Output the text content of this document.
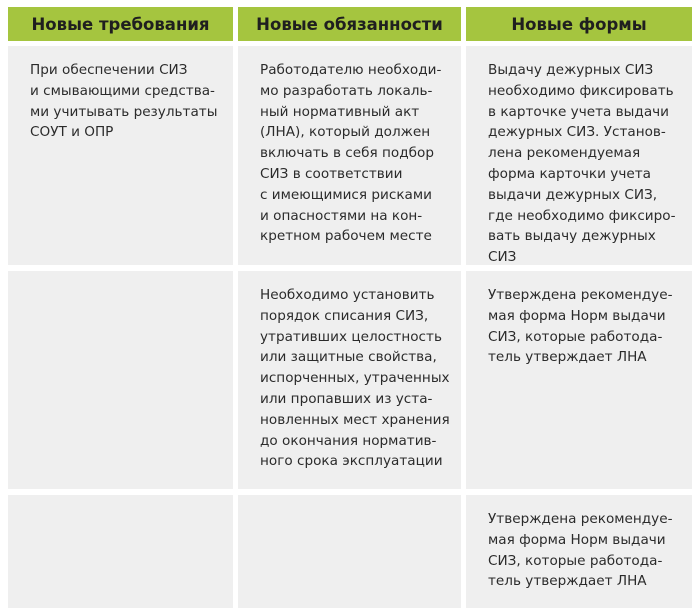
Новые требования	Новые обязанности	Новые формы
При обеспечении СИЗ
и смывающими средства-
ми учитывать результаты
СОУТ и ОПР
Работодателю необходи-
мо разработать локаль-
ный нормативный акт
(ЛНА), который должен
включать в себя подбор
СИЗ в соответствии
с имеющимися рисками
и опасностями на кон-
кретном рабочем месте
Выдачу дежурных СИЗ
необходимо фиксировать
в карточке учета выдачи
дежурных СИЗ. Установ-
лена рекомендуемая
форма карточки учета
выдачи дежурных СИЗ,
где необходимо фиксиро-
вать выдачу дежурных
СИЗ
Необходимо установить
порядок списания СИЗ,
утративших целостность
или защитные свойства,
испорченных, утраченных
или пропавших из уста-
новленных мест хранения
до окончания норматив-
ного срока эксплуатации
Утверждена рекомендуе-
мая форма Норм выдачи
СИЗ, которые работода-
тель утверждает ЛНА
Утверждена рекомендуе-
мая форма Норм выдачи
СИЗ, которые работода-
тель утверждает ЛНА
